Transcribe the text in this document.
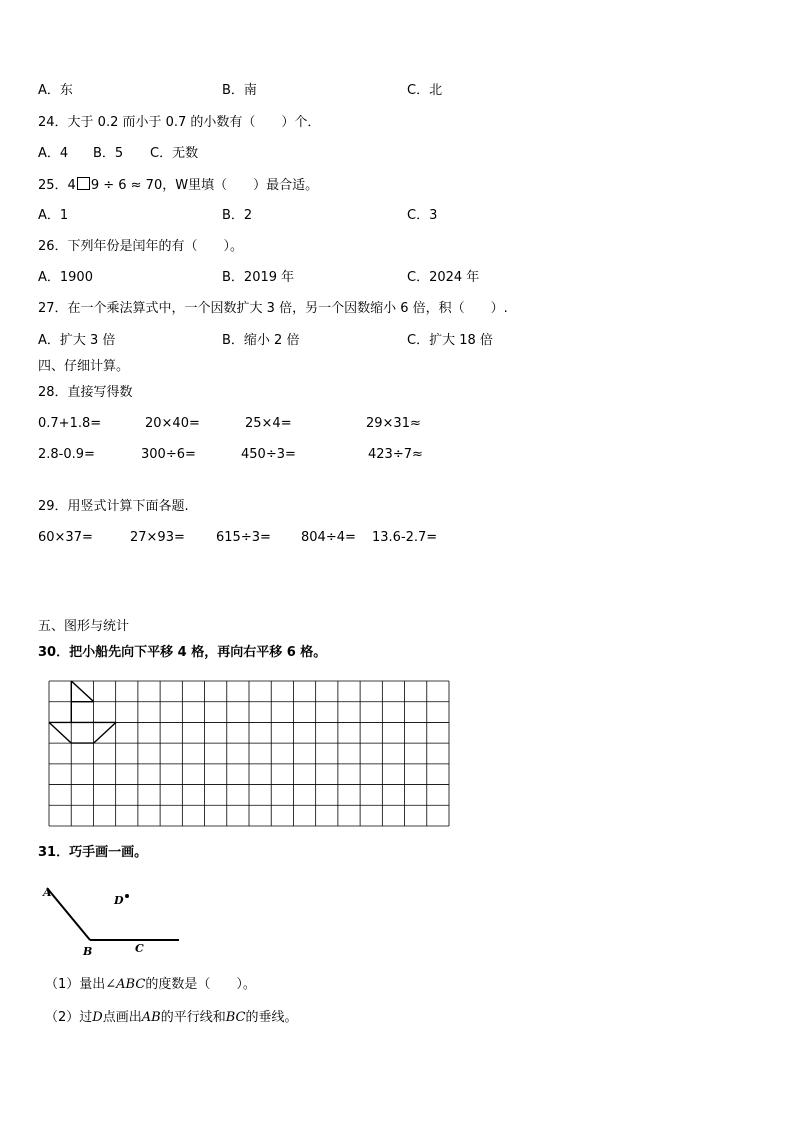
A．东	B．南	C．北
24．大于 0.2 而小于 0.7 的小数有（　　）个．
A．4 B．5 C．无数
25．4 9 ÷ 6 ≈ 70，W里填（　　）最合适。
A．1	B．2	C．3
26．下列年份是闰年的有（　　）。
A．1900	B．2019 年	C．2024 年
27．在一个乘法算式中，一个因数扩大 3 倍，另一个因数缩小 6 倍，积（　　）.
A．扩大 3 倍	B．缩小 2 倍	C．扩大 18 倍
四、仔细计算。
28．直接写得数
0.7+1.8=	20×40=	25×4=	29×31≈
2.8-0.9=	300÷6=	450÷3=	423÷7≈
29．用竖式计算下面各题.
60×37=	27×93= 615÷3= 804÷4= 13.6-2.7=
五、图形与统计
30．把小船先向下平移 4 格，再向右平移 6 格。
31．巧手画一画。
A
B	C
D
（1）量出∠ABC的度数是（　　）。
（2）过D点画出AB的平行线和BC的垂线。
